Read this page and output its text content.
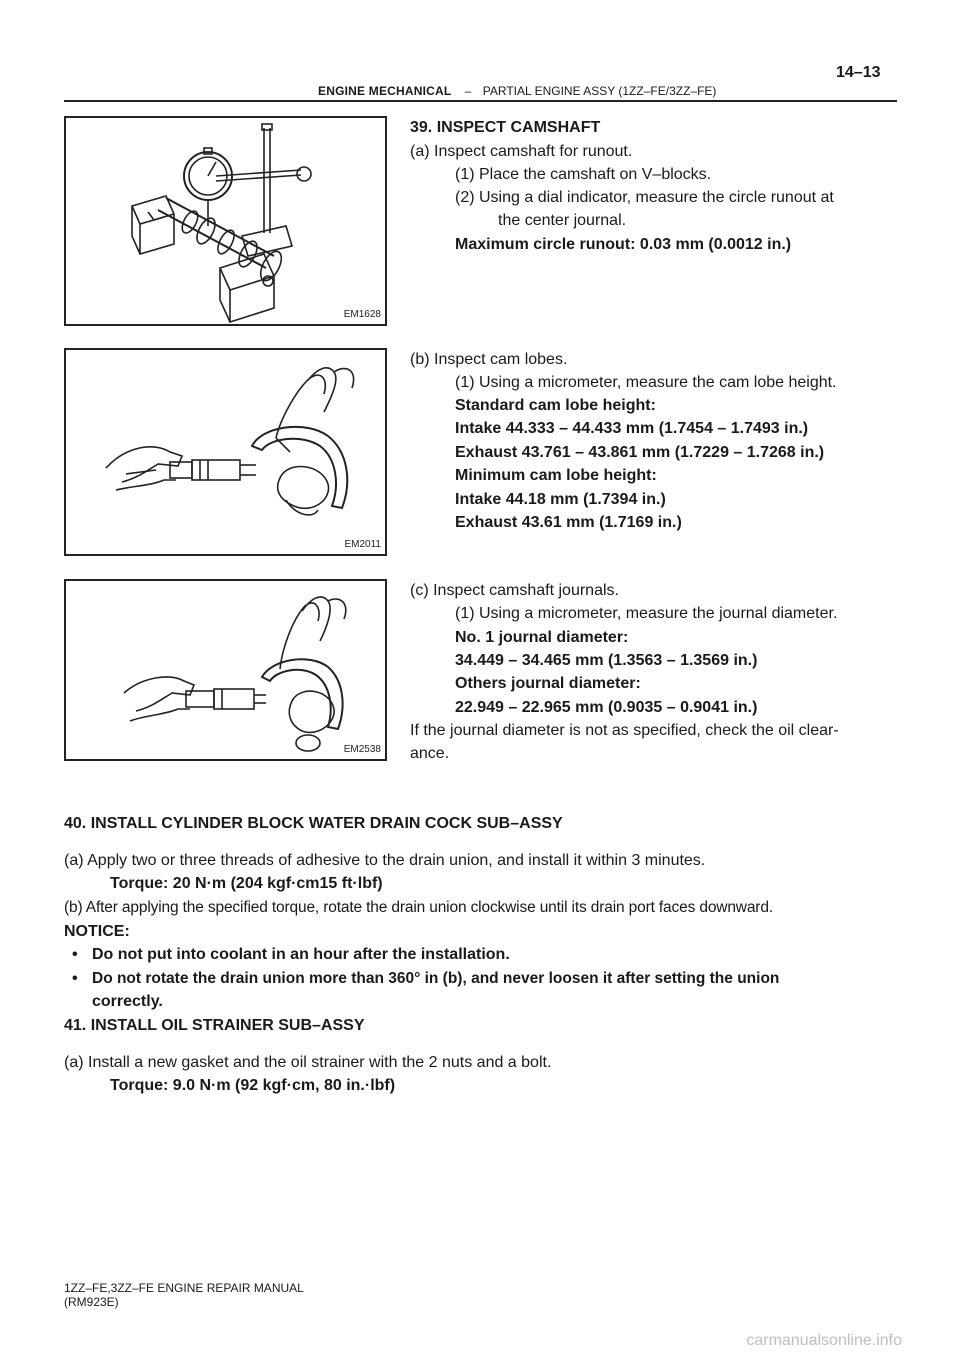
14–13
ENGINE MECHANICAL – PARTIAL ENGINE ASSY (1ZZ–FE/3ZZ–FE)
EM1628
EM2011
EM2538
39. INSPECT CAMSHAFT
(a) Inspect camshaft for runout.
(1) Place the camshaft on V–blocks.
(2) Using a dial indicator, measure the circle runout at
the center journal.
Maximum circle runout: 0.03 mm (0.0012 in.)
(b) Inspect cam lobes.
(1) Using a micrometer, measure the cam lobe height.
Standard cam lobe height:
Intake 44.333 – 44.433 mm (1.7454 – 1.7493 in.)
Exhaust 43.761 – 43.861 mm (1.7229 – 1.7268 in.)
Minimum cam lobe height:
Intake 44.18 mm (1.7394 in.)
Exhaust 43.61 mm (1.7169 in.)
(c) Inspect camshaft journals.
(1) Using a micrometer, measure the journal diameter.
No. 1 journal diameter:
34.449 – 34.465 mm (1.3563 – 1.3569 in.)
Others journal diameter:
22.949 – 22.965 mm (0.9035 – 0.9041 in.)
If the journal diameter is not as specified, check the oil clear-
ance.
40. INSTALL CYLINDER BLOCK WATER DRAIN COCK SUB–ASSY
(a) Apply two or three threads of adhesive to the drain union, and install it within 3 minutes.
Torque: 20 N·m (204 kgf·cm15 ft·lbf)
(b) After applying the specified torque, rotate the drain union clockwise until its drain port faces downward.
NOTICE:
• Do not put into coolant in an hour after the installation.
• Do not rotate the drain union more than 360° in (b), and never loosen it after setting the union
correctly.
41. INSTALL OIL STRAINER SUB–ASSY
(a) Install a new gasket and the oil strainer with the 2 nuts and a bolt.
Torque: 9.0 N·m (92 kgf·cm, 80 in.·lbf)
1ZZ–FE,3ZZ–FE ENGINE REPAIR MANUAL
(RM923E)
carmanualsonline.info
